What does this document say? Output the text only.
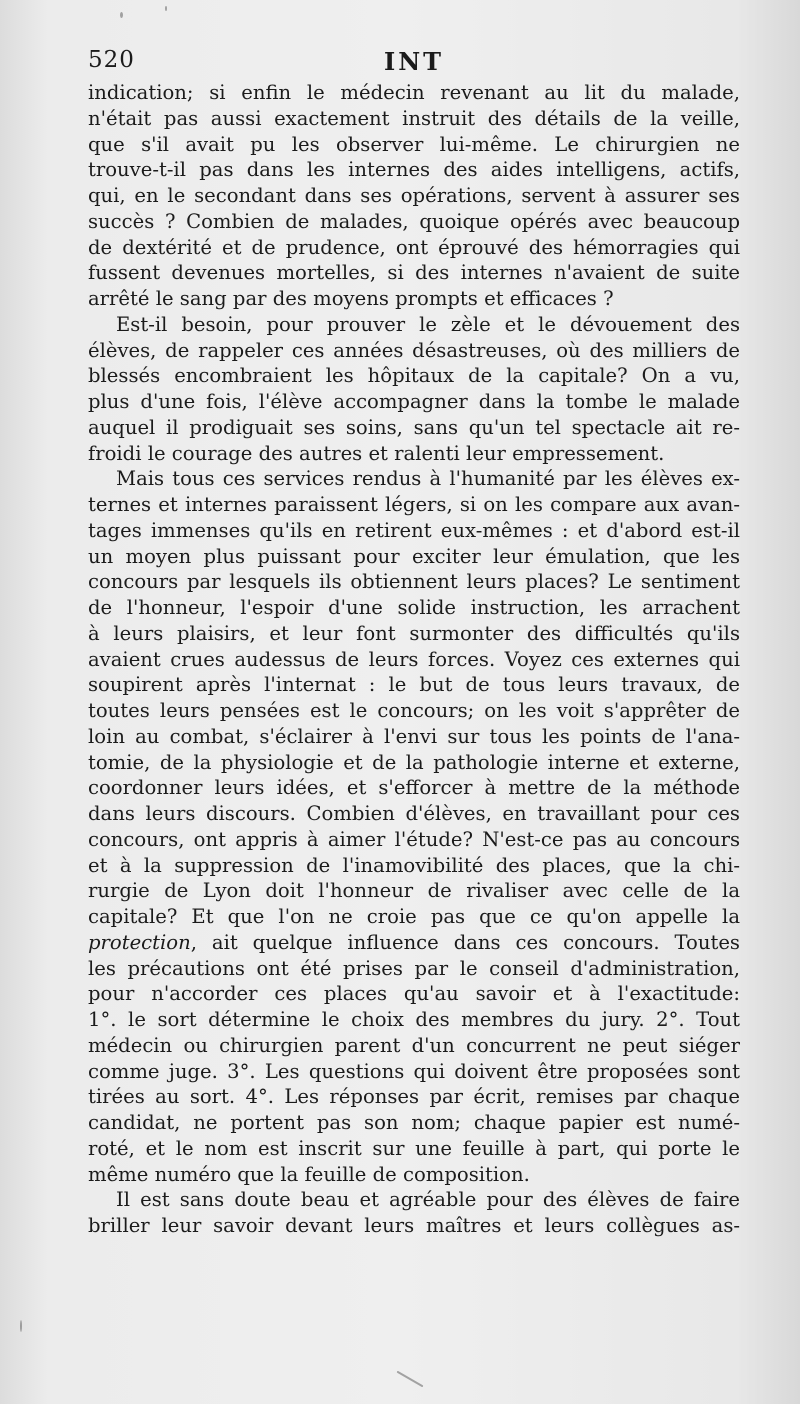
520	INT
indication; si enfin le médecin revenant au lit du malade,
n'était pas aussi exactement instruit des détails de la veille,
que s'il avait pu les observer lui-même. Le chirurgien ne
trouve-t-il pas dans les internes des aides intelligens, actifs,
qui, en le secondant dans ses opérations, servent à assurer ses
succès ? Combien de malades, quoique opérés avec beaucoup
de dextérité et de prudence, ont éprouvé des hémorragies qui
fussent devenues mortelles, si des internes n'avaient de suite
arrêté le sang par des moyens prompts et efficaces ?
Est-il besoin, pour prouver le zèle et le dévouement des
élèves, de rappeler ces années désastreuses, où des milliers de
blessés encombraient les hôpitaux de la capitale? On a vu,
plus d'une fois, l'élève accompagner dans la tombe le malade
auquel il prodiguait ses soins, sans qu'un tel spectacle ait re-
froidi le courage des autres et ralenti leur empressement.
Mais tous ces services rendus à l'humanité par les élèves ex-
ternes et internes paraissent légers, si on les compare aux avan-
tages immenses qu'ils en retirent eux-mêmes : et d'abord est-il
un moyen plus puissant pour exciter leur émulation, que les
concours par lesquels ils obtiennent leurs places? Le sentiment
de l'honneur, l'espoir d'une solide instruction, les arrachent
à leurs plaisirs, et leur font surmonter des difficultés qu'ils
avaient crues audessus de leurs forces. Voyez ces externes qui
soupirent après l'internat : le but de tous leurs travaux, de
toutes leurs pensées est le concours; on les voit s'apprêter de
loin au combat, s'éclairer à l'envi sur tous les points de l'ana-
tomie, de la physiologie et de la pathologie interne et externe,
coordonner leurs idées, et s'efforcer à mettre de la méthode
dans leurs discours. Combien d'élèves, en travaillant pour ces
concours, ont appris à aimer l'étude? N'est-ce pas au concours
et à la suppression de l'inamovibilité des places, que la chi-
rurgie de Lyon doit l'honneur de rivaliser avec celle de la
capitale? Et que l'on ne croie pas que ce qu'on appelle la
protection, ait quelque influence dans ces concours. Toutes
les précautions ont été prises par le conseil d'administration,
pour n'accorder ces places qu'au savoir et à l'exactitude:
1°. le sort détermine le choix des membres du jury. 2°. Tout
médecin ou chirurgien parent d'un concurrent ne peut siéger
comme juge. 3°. Les questions qui doivent être proposées sont
tirées au sort. 4°. Les réponses par écrit, remises par chaque
candidat, ne portent pas son nom; chaque papier est numé-
roté, et le nom est inscrit sur une feuille à part, qui porte le
même numéro que la feuille de composition.
Il est sans doute beau et agréable pour des élèves de faire
briller leur savoir devant leurs maîtres et leurs collègues as-
